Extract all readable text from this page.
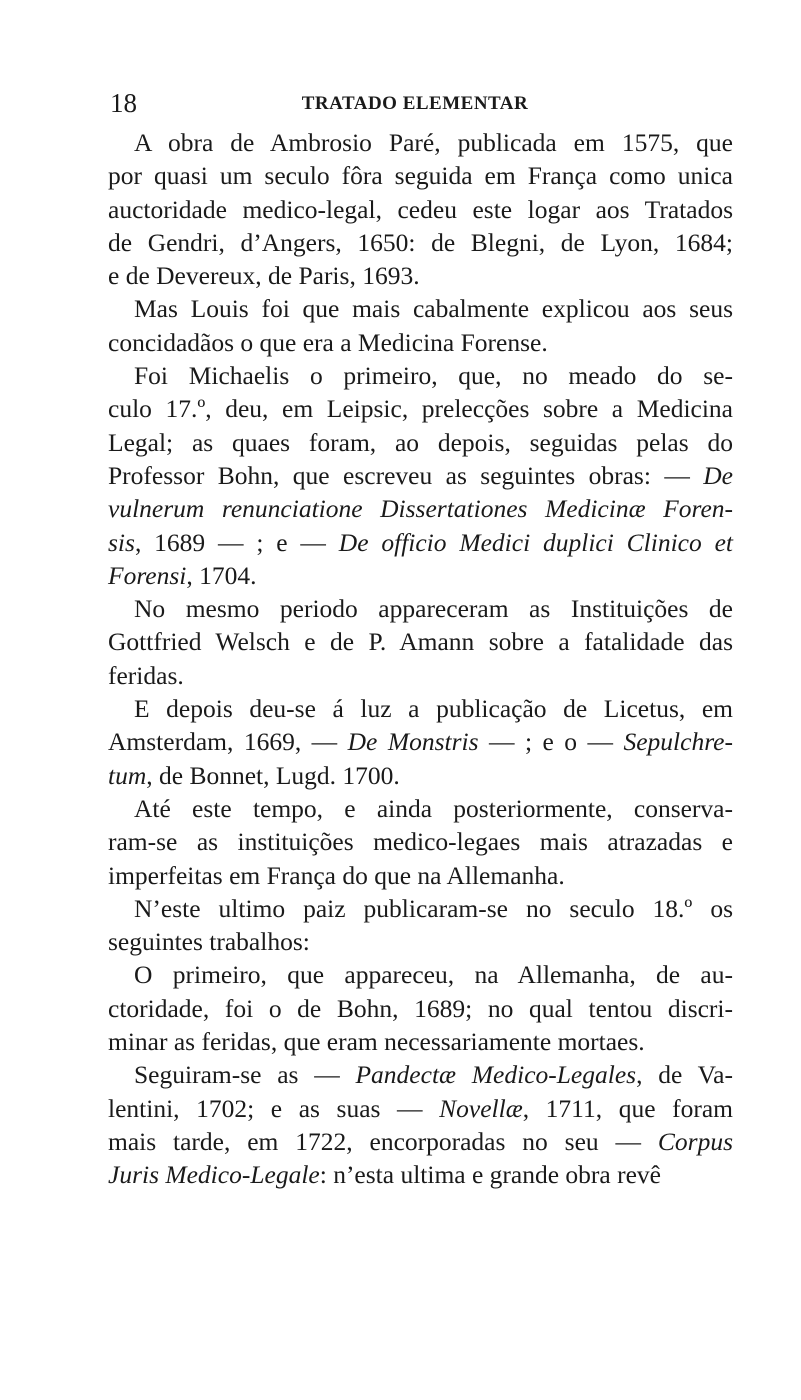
18	TRATADO ELEMENTAR
A obra de Ambrosio Paré, publicada em 1575, que
por quasi um seculo fôra seguida em França como unica
auctoridade medico-legal, cedeu este logar aos Tratados
de Gendri, d’Angers, 1650: de Blegni, de Lyon, 1684;
e de Devereux, de Paris, 1693.
Mas Louis foi que mais cabalmente explicou aos seus
concidadãos o que era a Medicina Forense.
Foi Michaelis o primeiro, que, no meado do se-
culo 17.º, deu, em Leipsic, prelecções sobre a Medicina
Legal; as quaes foram, ao depois, seguidas pelas do
Professor Bohn, que escreveu as seguintes obras: — De
vulnerum renunciatione Dissertationes Medicinæ Foren-
sis, 1689 — ; e — De officio Medici duplici Clinico et
Forensi, 1704.
No mesmo periodo appareceram as Instituições de
Gottfried Welsch e de P. Amann sobre a fatalidade das
feridas.
E depois deu-se á luz a publicação de Licetus, em
Amsterdam, 1669, — De Monstris — ; e o — Sepulchre-
tum, de Bonnet, Lugd. 1700.
Até este tempo, e ainda posteriormente, conserva-
ram-se as instituições medico-legaes mais atrazadas e
imperfeitas em França do que na Allemanha.
N’este ultimo paiz publicaram-se no seculo 18.º os
seguintes trabalhos:
O primeiro, que appareceu, na Allemanha, de au-
ctoridade, foi o de Bohn, 1689; no qual tentou discri-
minar as feridas, que eram necessariamente mortaes.
Seguiram-se as — Pandectæ Medico-Legales, de Va-
lentini, 1702; e as suas — Novellæ, 1711, que foram
mais tarde, em 1722, encorporadas no seu — Corpus
Juris Medico-Legale: n’esta ultima e grande obra revê
